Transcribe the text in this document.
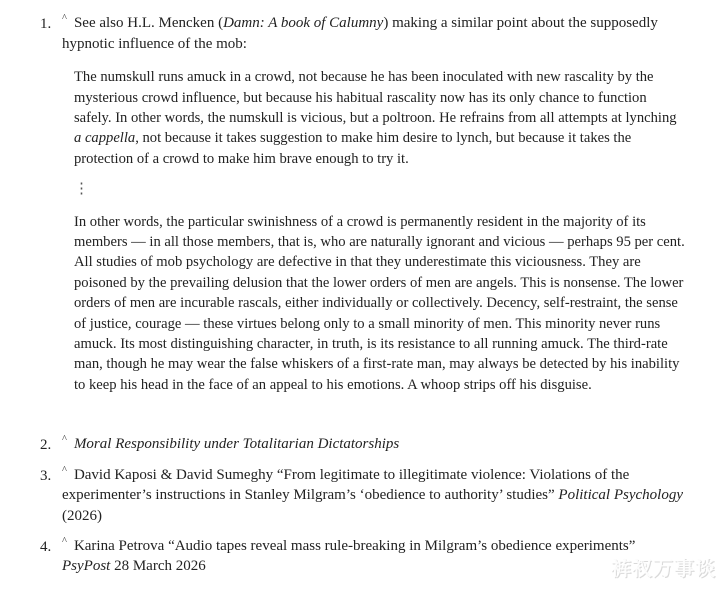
1.	^ See also H.L. Mencken (Damn: A book of Calumny) making a similar point about the supposedly hypnotic influence of the mob:

The numskull runs amuck in a crowd, not because he has been inoculated with new rascality by the mysterious crowd influence, but because his habitual rascality now has its only chance to function safely. In other words, the numskull is vicious, but a poltroon. He refrains from all attempts at lynching a cappella, not because it takes suggestion to make him desire to lynch, but because it takes the protection of a crowd to make him brave enough to try it.

⋮

In other words, the particular swinishness of a crowd is permanently resident in the majority of its members — in all those members, that is, who are naturally ignorant and vicious — perhaps 95 per cent. All studies of mob psychology are defective in that they underestimate this viciousness. They are poisoned by the prevailing delusion that the lower orders of men are angels. This is nonsense. The lower orders of men are incurable rascals, either individually or collectively. Decency, self-restraint, the sense of justice, courage — these virtues belong only to a small minority of men. This minority never runs amuck. Its most distinguishing character, in truth, is its resistance to all running amuck. The third-rate man, though he may wear the false whiskers of a first-rate man, may always be detected by his inability to keep his head in the face of an appeal to his emotions. A whoop strips off his disguise.

2.	^ Moral Responsibility under Totalitarian Dictatorships

3.	^ David Kaposi & David Sumeghy “From legitimate to illegitimate violence: Violations of the experimenter’s instructions in Stanley Milgram’s ‘obedience to authority’ studies” Political Psychology (2026)

4.	^ Karina Petrova “Audio tapes reveal mass rule-breaking in Milgram’s obedience experiments” PsyPost 28 March 2026	裤衩万事谈
